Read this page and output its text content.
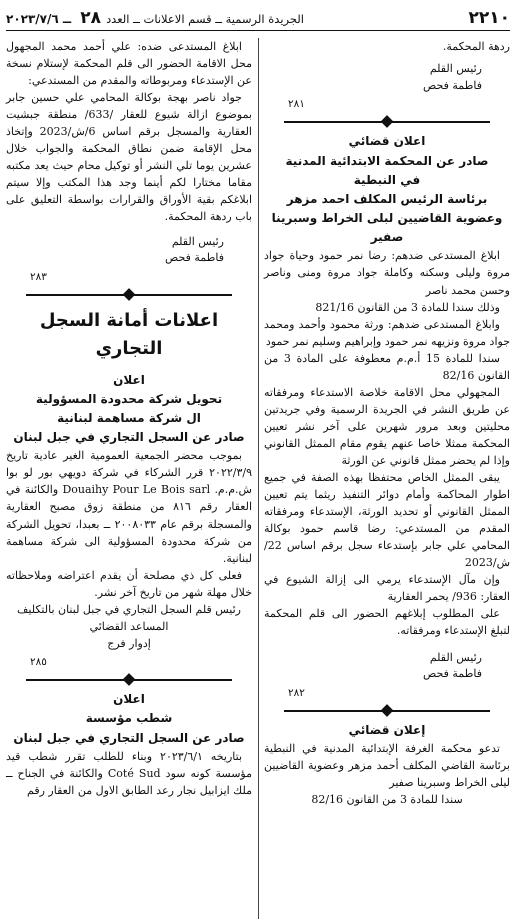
٢٢١٠
الجريدة الرسمية ــ قسم الاعلانات ــ العدد ٢٨ ــ ٢٠٢٣/٧/٦

ردهة المحكمة.

رئيس القلم

فاطمة فحص

٢٨١

اعلان قضائي

صادر عن المحكمة الابتدائية المدنية

في النبطية

برئاسة الرئيس المكلف احمد مزهر

وعضوية القاضيين لبلى الخراط وسبرينا صفير

ابلاغ المستدعى ضدهم: رضا نمر حمود وحياة جواد مروة وليلى وسكنه وكاملة جواد مروة ومنى وناصر وحسن محمد ناصر

وذلك سندا للمادة 3 من القانون 821/16

وابلاغ المستدعى ضدهم: ورثة محمود وأحمد ومحمد جواد مروة ونزيهه نمر حمود وإبراهيم وسليم نمر حمود

سندا للمادة 15 أ.م.م معطوفة على المادة 3 من القانون 82/16

المجهولي محل الاقامة خلاصة الاستدعاء ومرفقاته عن طريق النشر في الجريدة الرسمية وفي جريدتين محليتين وبعد مرور شهرين على آخر نشر تعيين المحكمة ممثلا خاصا عنهم يقوم مقام الممثل القانوني وإذا لم يحضر ممثل قانوني عن الورثة

يبقى الممثل الخاص محتفظا بهذه الصفة في جميع اطوار المحاكمة وأمام دوائر التنفيذ ريثما يتم تعيين الممثل القانوني أو تحديد الورثة، الإستدعاء ومرفقاته المقدم من المستدعي: رضا قاسم حمود بوكالة المحامي علي جابر بإستدعاء سجل برقم اساس 22/ش/2023

وإن مآل الإستدعاء يرمي الى إزالة الشيوع في العقار: 936/ يحمر العقارية

على المطلوب إبلاغهم الحضور الى قلم المحكمة لتبلغ الإستدعاء ومرفقاته.

رئيس القلم

فاطمة فحص

٢٨٢

إعلان قضائي

تدعو محكمة الغرفة الإبتدائية المدنية في النبطية برئاسة القاضي المكلف أحمد مزهر وعضوية القاضيين ليلى الخراط وسبرينا صفير

سندا للمادة 3 من القانون 82/16

ابلاغ المستدعى ضده: علي أحمد محمد المجهول محل الاقامة الحضور الى قلم المحكمة لإستلام نسخة عن الإستدعاء ومربوطاته والمقدم من المستدعي:

جواد ناصر بهجة بوكالة المحامي علي حسين جابر بموضوع ازالة شيوع للعقار /633/ منطقة جبشيت العقارية والمسجل برقم اساس 6/ش/2023 وإتخاذ محل الإقامة ضمن نطاق المحكمة والجواب خلال عشرين يوما تلي النشر أو توكيل محام حيث يعد مكتبه مقاما مختارا لكم أينما وجد هذا المكتب وإلا سيتم ابلاغكم بقية الأوراق والقرارات بواسطة التعليق على باب ردهة المحكمة.

رئيس القلم

فاطمة فحص

٢٨٣

اعلانات أمانة السجل التجاري

اعلان

تحويل شركة محدودة المسؤولية

ال شركة مساهمة لبنانية

صادر عن السجل التجاري في جبل لبنان

بموجب محضر الجمعية العمومية الغير عادية تاريخ ٢٠٢٢/٣/٩ قرر الشركاء في شركة دويهي بور لو بوا ش.م.م. Douaihy Pour Le Bois sarl والكائنة في العقار رقم ٨١٦ من منطقة زوق مصبح العقارية والمسجلة برقم عام ٢٠٠٨٠٣٣ ــ بعبدا، تحويل الشركة من شركة محدودة المسؤولية الى شركة مساهمة لبنانية.

فعلى كل ذي مصلحة أن يقدم اعتراضه وملاحظاته خلال مهلة شهر من تاريخ آخر نشر.

رئيس قلم السجل التجاري في جبل لبنان بالتكليف

المساعد القضائي

إدوار فرج

٢٨٥

اعلان

شطب مؤسسة

صادر عن السجل التجاري في جبل لبنان

بتاريخه ٢٠٢٣/٦/١ وبناء للطلب تقرر شطب قيد مؤسسة كونه سود Coté Sud والكائنة في الجناح ــ ملك ايزابيل نجار رعد الطابق الاول من العقار رقم
